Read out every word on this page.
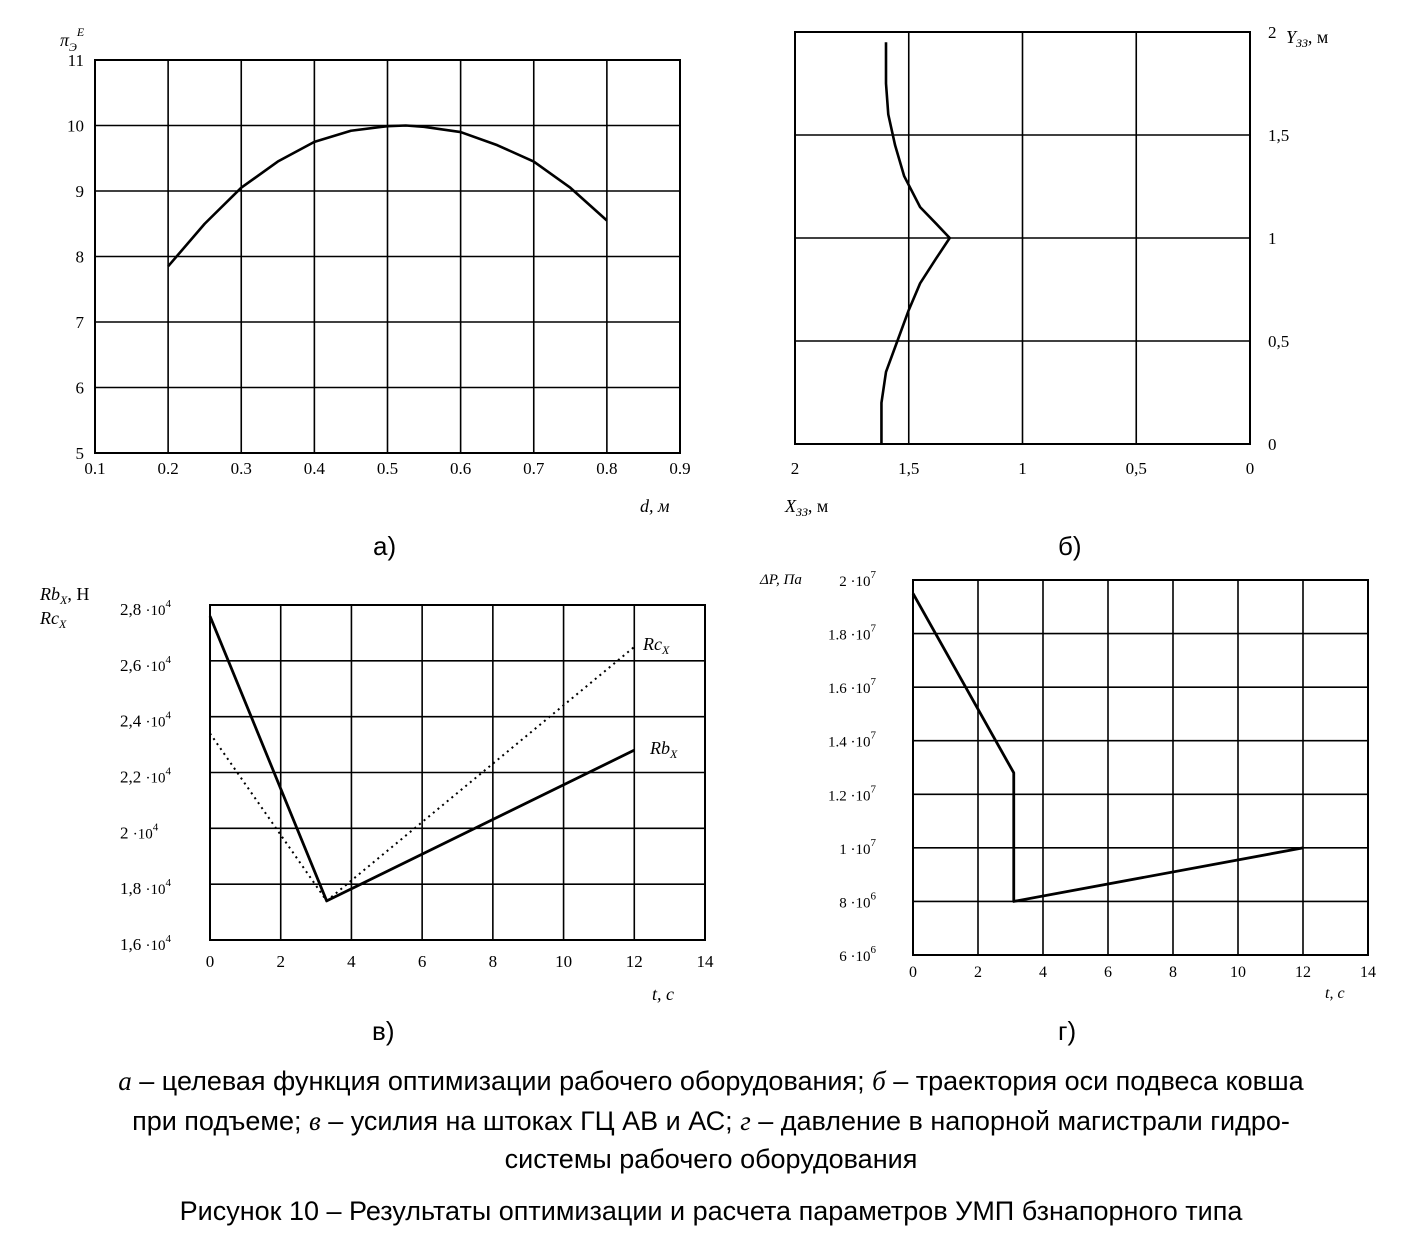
0.1	0.2	0.3	0.4	0.5	0.6	0.7	0.8	0.9
5
6
7
8
9
10
11
$\pi_Э^Е$
d, м
а)
2	1,5	1	0,5	0
0
0,5
1
1,5
2 $Y_{ЗЗ}$, м
$X_{ЗЗ}$, м
б)
0	2	4	6	8	10	12	14
$1,6 \cdot 10^4$
$1,8 \cdot 10^4$
$2 \cdot 10^4$
$2,2 \cdot 10^4$
$2,4 \cdot 10^4$
$2,6 \cdot 10^4$
$2,8 \cdot 10^4$
$Rb_X$, Н
$Rc_X$
t, с
$Rc_X$
$Rb_X$
в)
0	2	4	6	8	10	12	14
$6 \cdot 10^6$
$8 \cdot 10^6$
$1 \cdot 10^7$
$1.2 \cdot 10^7$
$1.4 \cdot 10^7$
$1.6 \cdot 10^7$
$1.8 \cdot 10^7$
$2 \cdot 10^7$
ΔP, Па
t, с
г)
а – целевая функция оптимизации рабочего оборудования; б – траектория оси подвеса ковша
при подъеме; в – усилия на штоках ГЦ АВ и АС; г – давление в напорной магистрали гидро-
системы рабочего оборудования
Рисунок 10 – Результаты оптимизации и расчета параметров УМП бзнапорного типа
